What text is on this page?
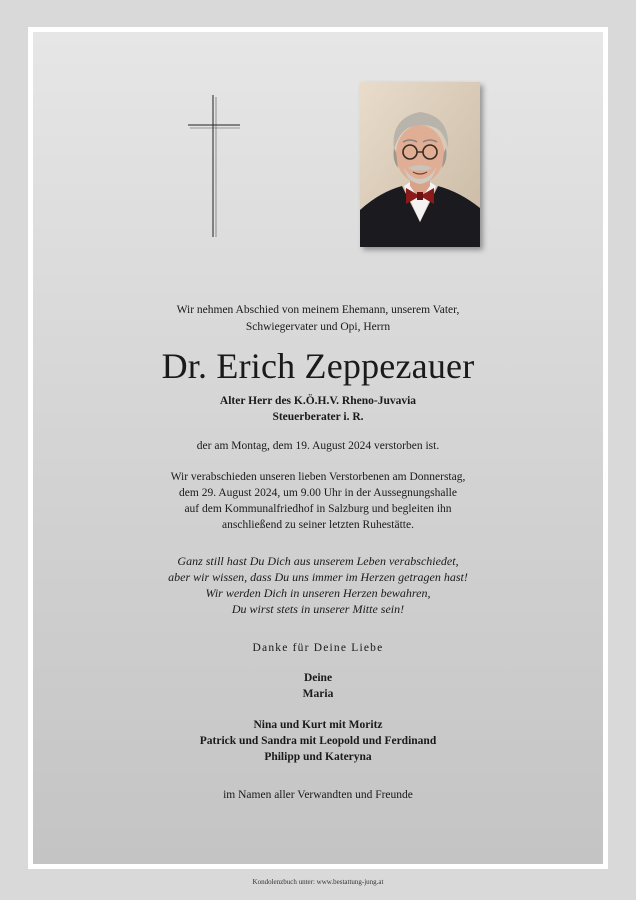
Wir nehmen Abschied von meinem Ehemann, unserem Vater,
Schwiegervater und Opi, Herrn
Dr. Erich Zeppezauer
Alter Herr des K.Ö.H.V. Rheno-Juvavia
Steuerberater i. R.
der am Montag, dem 19. August 2024 verstorben ist.
Wir verabschieden unseren lieben Verstorbenen am Donnerstag,
dem 29. August 2024, um 9.00 Uhr in der Aussegnungshalle
auf dem Kommunalfriedhof in Salzburg und begleiten ihn
anschließend zu seiner letzten Ruhestätte.
Ganz still hast Du Dich aus unserem Leben verabschiedet,
aber wir wissen, dass Du uns immer im Herzen getragen hast!
Wir werden Dich in unseren Herzen bewahren,
Du wirst stets in unserer Mitte sein!
Danke für Deine Liebe
Deine
Maria
Nina und Kurt mit Moritz
Patrick und Sandra mit Leopold und Ferdinand
Philipp und Kateryna
im Namen aller Verwandten und Freunde
Kondolenzbuch unter: www.bestattung-jung.at
